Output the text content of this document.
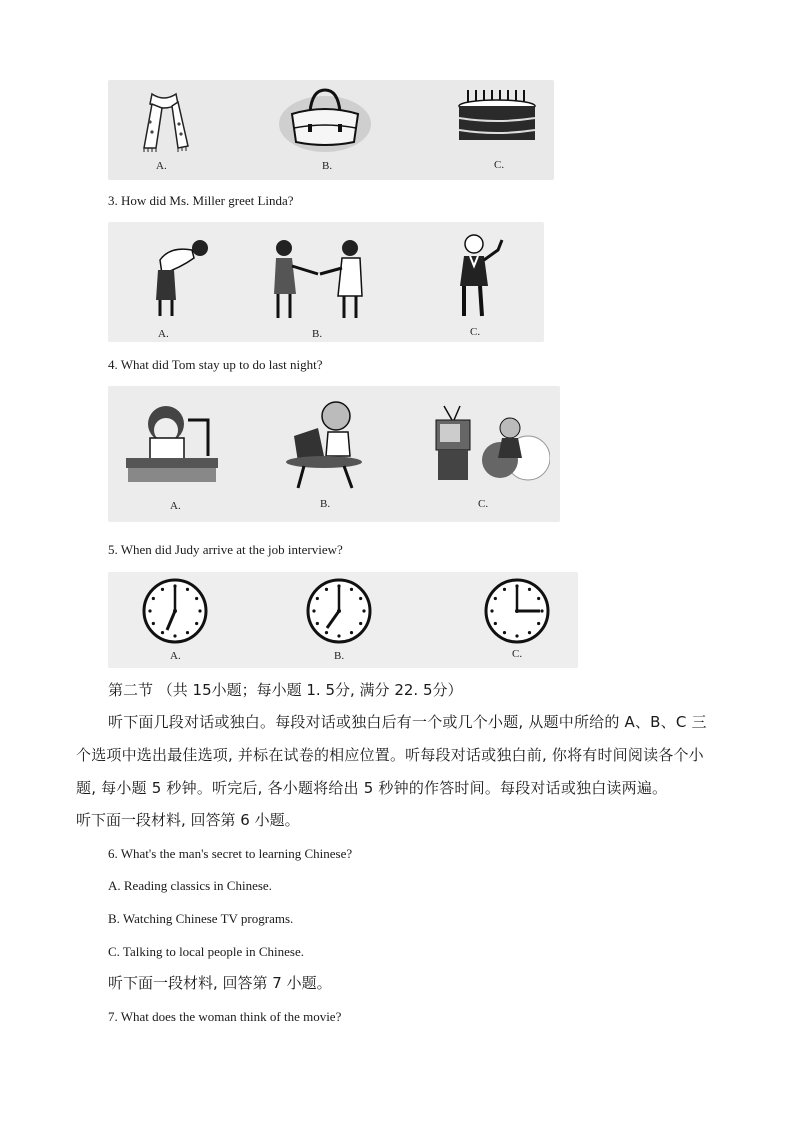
A.	B.	C.
3. How did Ms. Miller greet Linda?
A.	B.	C.
4. What did Tom stay up to do last night?
A.	B.	C.
5. When did Judy arrive at the job interview?
A.	B.	C.
第二节 （共 15小题；每小题 1. 5分, 满分 22. 5分）
听下面几段对话或独白。每段对话或独白后有一个或几个小题, 从题中所给的 A、B、C 三个选项中选出最佳选项, 并标在试卷的相应位置。听每段对话或独白前, 你将有时间阅读各个小题, 每小题 5 秒钟。听完后, 各小题将给出 5 秒钟的作答时间。每段对话或独白读两遍。
听下面一段材料, 回答第 6 小题。
6. What's the man's secret to learning Chinese?
A. Reading classics in Chinese.
B. Watching Chinese TV programs.
C. Talking to local people in Chinese.
听下面一段材料, 回答第 7 小题。
7. What does the woman think of the movie?
